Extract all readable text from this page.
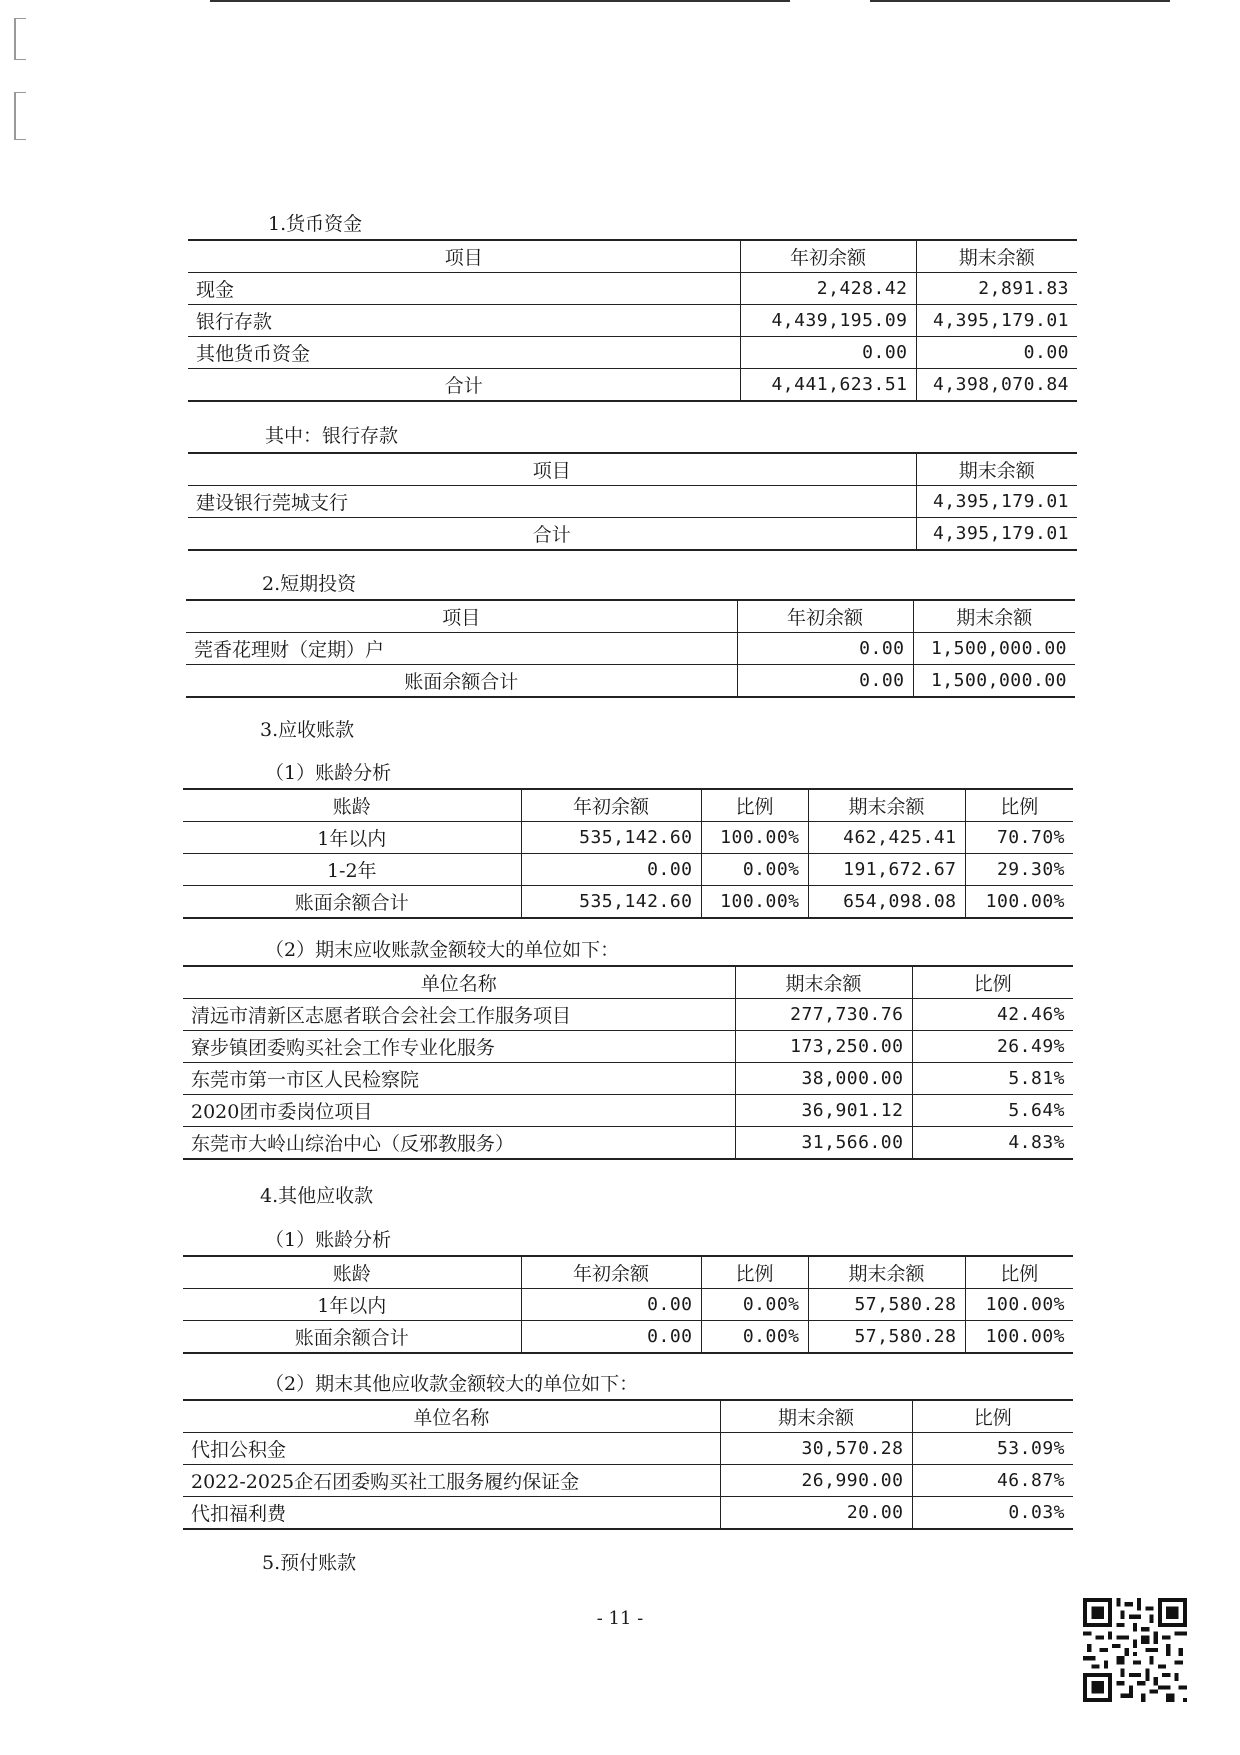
1.货币资金
项目	年初余额	期末余额
现金	2,428.42	2,891.83
银行存款	4,439,195.09	4,395,179.01
其他货币资金	0.00	0.00
合计	4,441,623.51	4,398,070.84
其中：银行存款
项目	期末余额
建设银行莞城支行	4,395,179.01
合计	4,395,179.01
2.短期投资
项目	年初余额	期末余额
莞香花理财（定期）户	0.00	1,500,000.00
账面余额合计	0.00	1,500,000.00
3.应收账款
（1）账龄分析
账龄	年初余额	比例	期末余额	比例
1年以内	535,142.60	100.00%	462,425.41	70.70%
1-2年	0.00	0.00%	191,672.67	29.30%
账面余额合计	535,142.60	100.00%	654,098.08	100.00%
（2）期末应收账款金额较大的单位如下：
单位名称	期末余额	比例
清远市清新区志愿者联合会社会工作服务项目	277,730.76	42.46%
寮步镇团委购买社会工作专业化服务	173,250.00	26.49%
东莞市第一市区人民检察院	38,000.00	5.81%
2020团市委岗位项目	36,901.12	5.64%
东莞市大岭山综治中心（反邪教服务）	31,566.00	4.83%
4.其他应收款
（1）账龄分析
账龄	年初余额	比例	期末余额	比例
1年以内	0.00	0.00%	57,580.28	100.00%
账面余额合计	0.00	0.00%	57,580.28	100.00%
（2）期末其他应收款金额较大的单位如下：
单位名称	期末余额	比例
代扣公积金	30,570.28	53.09%
2022-2025企石团委购买社工服务履约保证金	26,990.00	46.87%
代扣福利费	20.00	0.03%
5.预付账款
- 11 -
